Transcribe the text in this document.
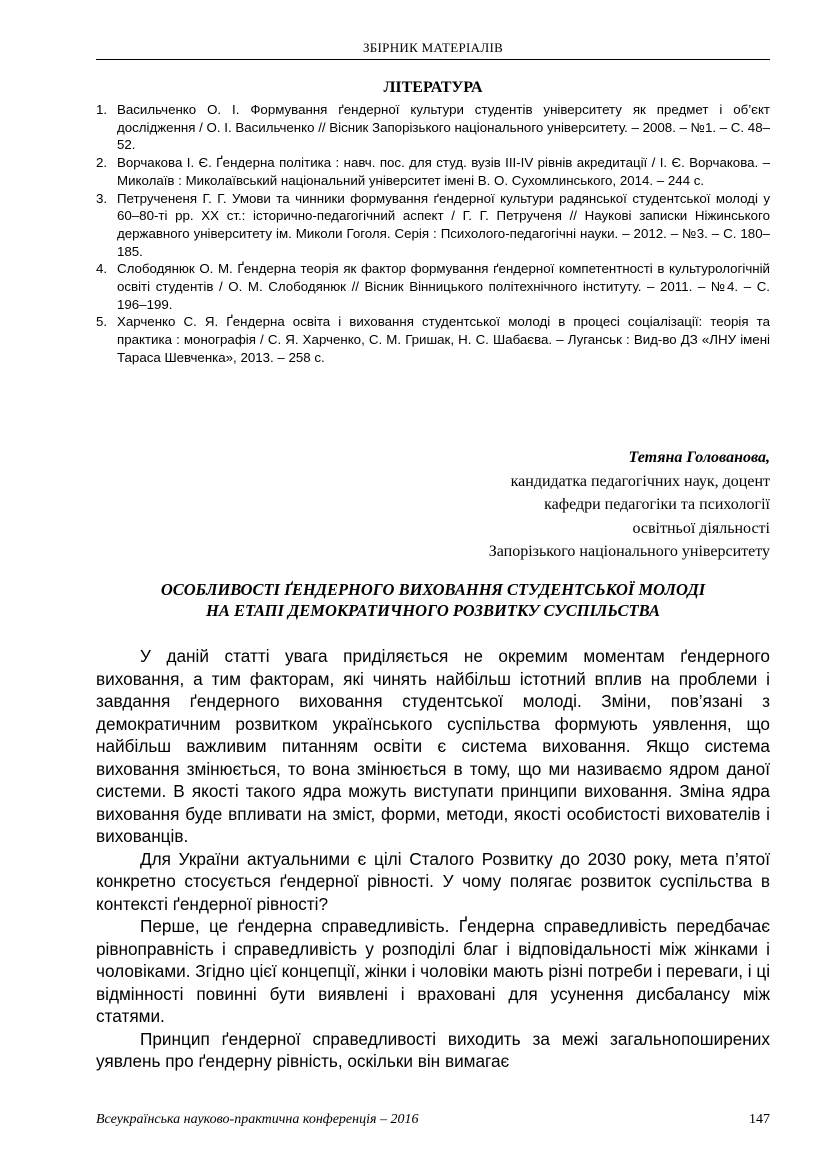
ЗБІРНИК МАТЕРІАЛІВ
ЛІТЕРАТУРА
1. Васильченко О. І. Формування ґендерної культури студентів університету як предмет і об’єкт дослідження / О. І. Васильченко // Вісник Запорізького національного університету. – 2008. – №1. – С. 48–52.
2. Ворчакова І. Є. Ґендерна політика : навч. пос. для студ. вузів ІІІ-IV рівнів акредитації / І. Є. Ворчакова. – Миколаїв : Миколаївський національний університет імені В. О. Сухомлинського, 2014. – 244 с.
3. Петручененя Г. Г. Умови та чинники формування ґендерної культури радянської студентської молоді у 60–80-ті рр. ХХ ст.: історично-педагогічний аспект / Г. Г. Петрученя // Наукові записки Ніжинського державного університету ім. Миколи Гоголя. Серія : Психолого-педагогічні науки. – 2012. – №3. – С. 180–185.
4. Слободянюк О. М. Ґендерна теорія як фактор формування ґендерної компетентності в культурологічній освіті студентів / О. М. Слободянюк // Вісник Вінницького політехнічного інституту. – 2011. – №4. – С. 196–199.
5. Харченко С. Я. Ґендерна освіта і виховання студентської молоді в процесі соціалізації: теорія та практика : монографія / С. Я. Харченко, С. М. Гришак, Н. С. Шабаєва. – Луганськ : Вид-во ДЗ «ЛНУ імені Тараса Шевченка», 2013. – 258 с.
Тетяна Голованова,
кандидатка педагогічних наук, доцент
кафедри педагогіки та психології
освітньої діяльності
Запорізького національного університету
ОСОБЛИВОСТІ ҐЕНДЕРНОГО ВИХОВАННЯ СТУДЕНТСЬКОЇ МОЛОДІ
НА ЕТАПІ ДЕМОКРАТИЧНОГО РОЗВИТКУ СУСПІЛЬСТВА

У даній статті увага приділяється не окремим моментам ґендерного виховання, а тим факторам, які чинять найбільш істотний вплив на проблеми і завдання ґендерного виховання студентської молоді. Зміни, пов’язані з демократичним розвитком українського суспільства формують уявлення, що найбільш важливим питанням освіти є система виховання. Якщо система виховання змінюється, то вона змінюється в тому, що ми називаємо ядром даної системи. В якості такого ядра можуть виступати принципи виховання. Зміна ядра виховання буде впливати на зміст, форми, методи, якості особистості вихователів і вихованців.

Для України актуальними є цілі Сталого Розвитку до 2030 року, мета п’ятої конкретно стосується ґендерної рівності. У чому полягає розвиток суспільства в контексті ґендерної рівності?

Перше, це ґендерна справедливість. Ґендерна справедливість передбачає рівноправність і справедливість у розподілі благ і відповідальності між жінками і чоловіками. Згідно цієї концепції, жінки і чоловіки мають різні потреби і переваги, і ці відмінності повинні бути виявлені і враховані для усунення дисбалансу між статями.

Принцип ґендерної справедливості виходить за межі загальнопоширених уявлень про ґендерну рівність, оскільки він вимагає

Всеукраїнська науково-практична конференція – 2016	147
